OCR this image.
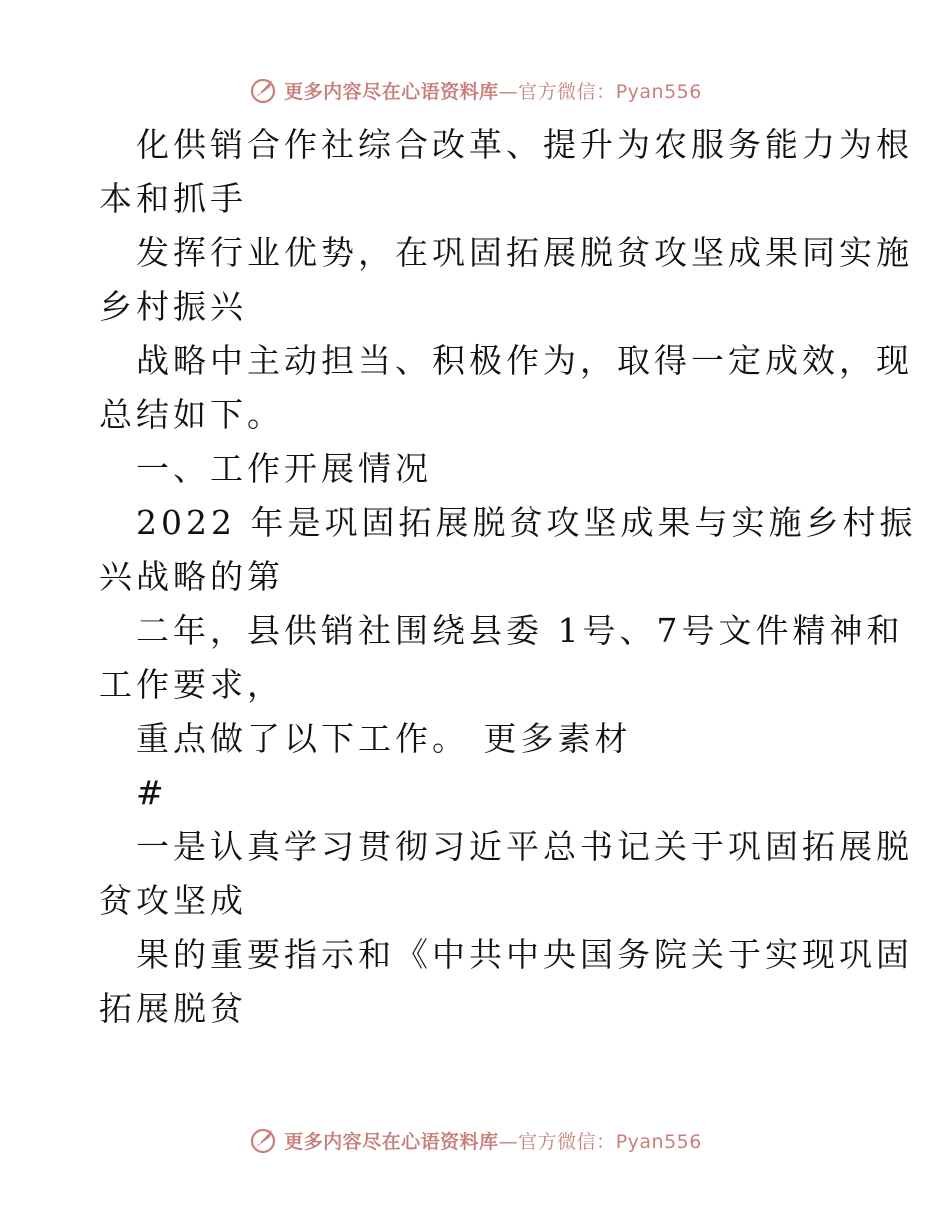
更多内容尽在心语资料库—官方微信：Pyan556
化供销合作社综合改革、提升为农服务能力为根
本和抓手
发挥行业优势，在巩固拓展脱贫攻坚成果同实施
乡村振兴
战略中主动担当、积极作为，取得一定成效，现
总结如下。
一、工作开展情况
2022 年是巩固拓展脱贫攻坚成果与实施乡村振
兴战略的第
二年，县供销社围绕县委 1号、7号文件精神和
工作要求，
重点做了以下工作。 更多素材
#
一是认真学习贯彻习近平总书记关于巩固拓展脱
贫攻坚成
果的重要指示和《中共中央国务院关于实现巩固
拓展脱贫
更多内容尽在心语资料库—官方微信：Pyan556
